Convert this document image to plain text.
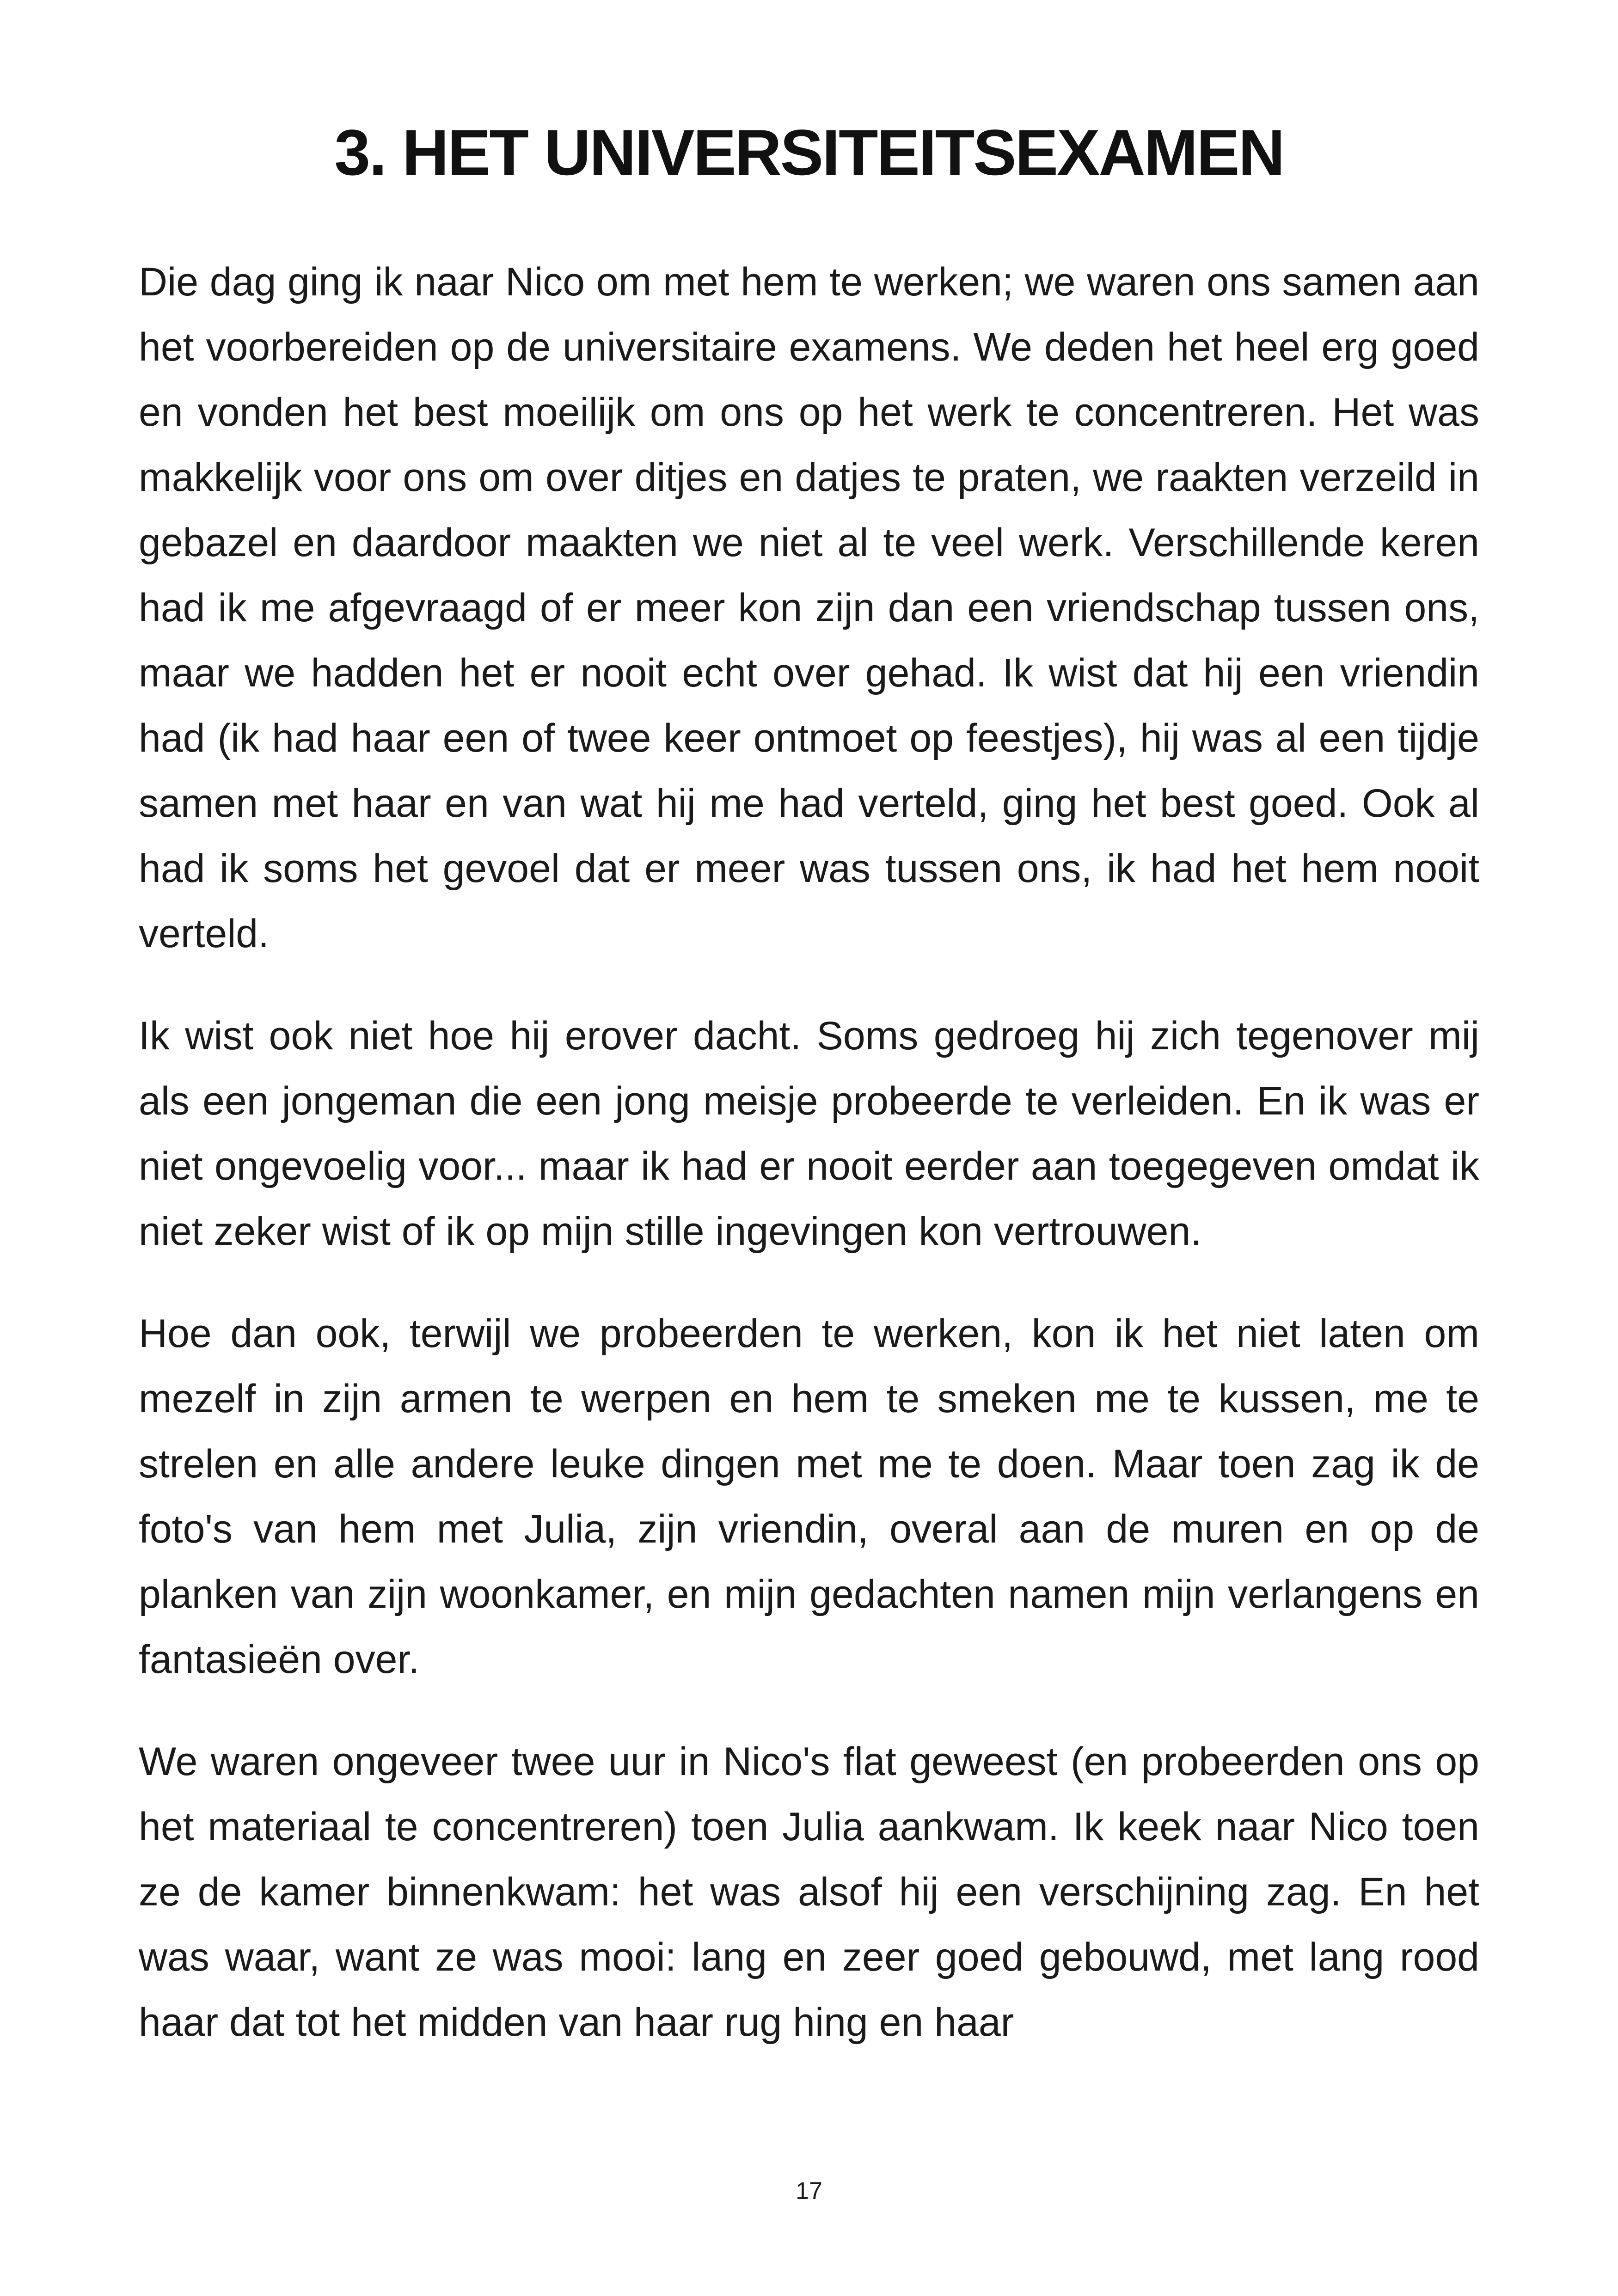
3. HET UNIVERSITEITSEXAMEN

Die dag ging ik naar Nico om met hem te werken; we waren ons samen aan het voorbereiden op de universitaire examens. We deden het heel erg goed en vonden het best moeilijk om ons op het werk te concentreren. Het was makkelijk voor ons om over ditjes en datjes te praten, we raakten verzeild in gebazel en daardoor maakten we niet al te veel werk. Verschillende keren had ik me afgevraagd of er meer kon zijn dan een vriendschap tussen ons, maar we hadden het er nooit echt over gehad. Ik wist dat hij een vriendin had (ik had haar een of twee keer ontmoet op feestjes), hij was al een tijdje samen met haar en van wat hij me had verteld, ging het best goed. Ook al had ik soms het gevoel dat er meer was tussen ons, ik had het hem nooit verteld.

Ik wist ook niet hoe hij erover dacht. Soms gedroeg hij zich tegenover mij als een jongeman die een jong meisje probeerde te verleiden. En ik was er niet ongevoelig voor... maar ik had er nooit eerder aan toegegeven omdat ik niet zeker wist of ik op mijn stille ingevingen kon vertrouwen.

Hoe dan ook, terwijl we probeerden te werken, kon ik het niet laten om mezelf in zijn armen te werpen en hem te smeken me te kussen, me te strelen en alle andere leuke dingen met me te doen. Maar toen zag ik de foto's van hem met Julia, zijn vriendin, overal aan de muren en op de planken van zijn woonkamer, en mijn gedachten namen mijn verlangens en fantasieën over.

We waren ongeveer twee uur in Nico's flat geweest (en probeerden ons op het materiaal te concentreren) toen Julia aankwam. Ik keek naar Nico toen ze de kamer binnenkwam: het was alsof hij een verschijning zag. En het was waar, want ze was mooi: lang en zeer goed gebouwd, met lang rood haar dat tot het midden van haar rug hing en haar

17
